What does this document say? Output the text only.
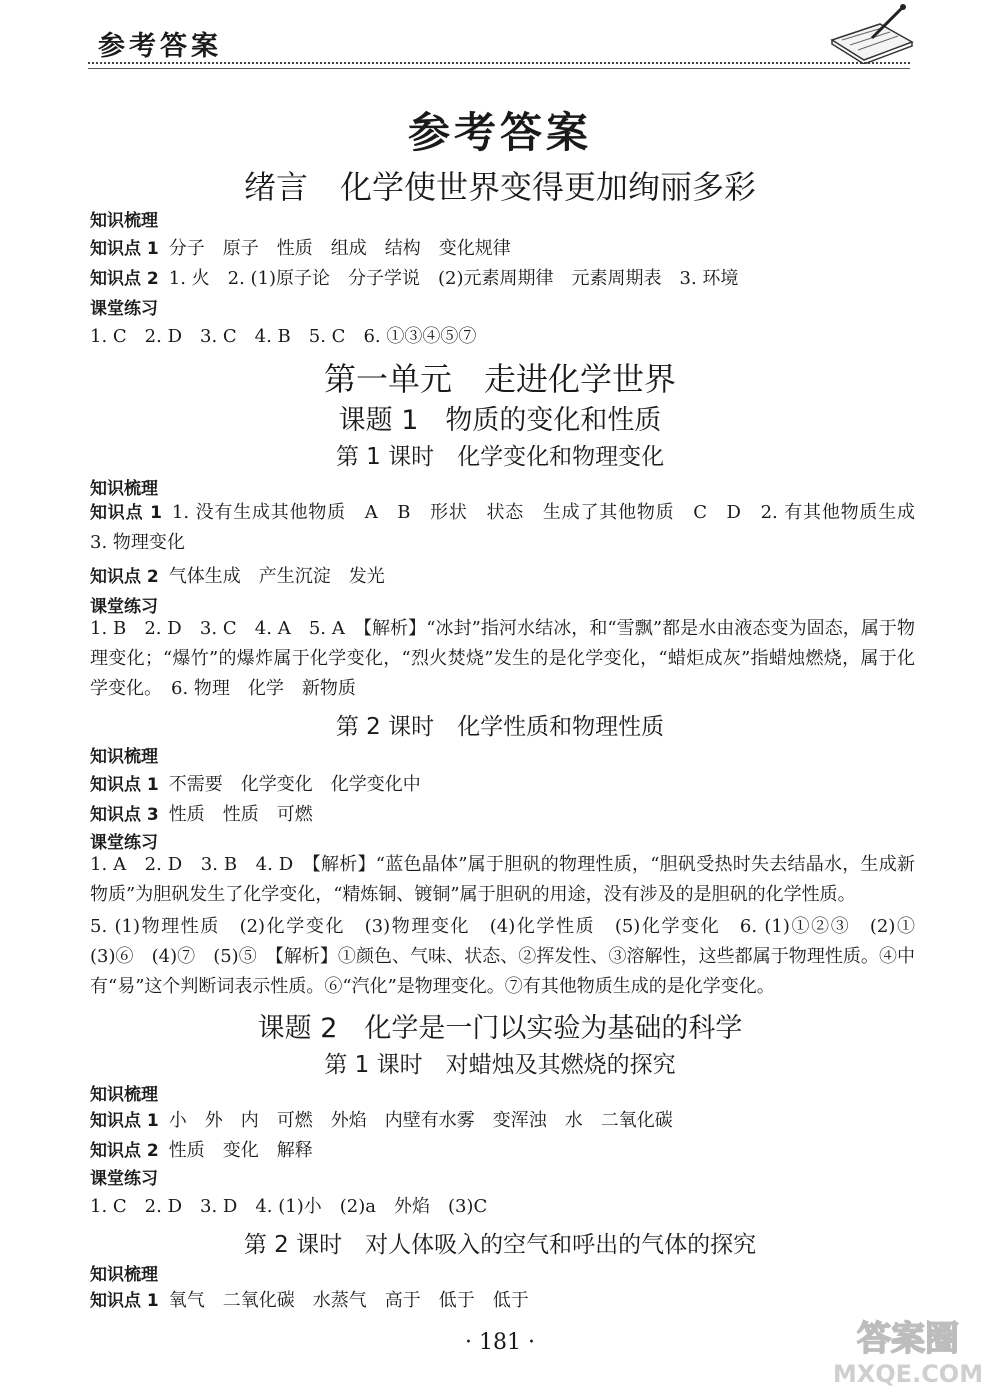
参考答案
参考答案
绪言　化学使世界变得更加绚丽多彩
知识梳理
知识点 1 分子　原子　性质　组成　结构　变化规律
知识点 2 1. 火　2. (1)原子论　分子学说　(2)元素周期律　元素周期表　3. 环境
课堂练习
1. C　2. D　3. C　4. B　5. C　6. ①③④⑤⑦
第一单元　走进化学世界
课题 1　物质的变化和性质
第 1 课时　化学变化和物理变化
知识梳理
知识点 1 1. 没有生成其他物质　A　B　形状　状态　生成了其他物质　C　D　2. 有其他物质生成　3. 物理变化
知识点 2 气体生成　产生沉淀　发光
课堂练习
1. B　2. D　3. C　4. A　5. A　【解析】“冰封”指河水结冰，和“雪飘”都是水由液态变为固态，属于物理变化；“爆竹”的爆炸属于化学变化，“烈火焚烧”发生的是化学变化，“蜡炬成灰”指蜡烛燃烧，属于化学变化。　6. 物理　化学　新物质
第 2 课时　化学性质和物理性质
知识梳理
知识点 1 不需要　化学变化　化学变化中
知识点 3 性质　性质　可燃
课堂练习
1. A　2. D　3. B　4. D　【解析】“蓝色晶体”属于胆矾的物理性质，“胆矾受热时失去结晶水，生成新物质”为胆矾发生了化学变化，“精炼铜、镀铜”属于胆矾的用途，没有涉及的是胆矾的化学性质。
5. (1)物理性质　(2)化学变化　(3)物理变化　(4)化学性质　(5)化学变化　6. (1)①②③　(2)①　(3)⑥　(4)⑦　(5)⑤　【解析】①颜色、气味、状态、②挥发性、③溶解性，这些都属于物理性质。④中有“易”这个判断词表示性质。⑥“汽化”是物理变化。⑦有其他物质生成的是化学变化。
课题 2　化学是一门以实验为基础的科学
第 1 课时　对蜡烛及其燃烧的探究
知识梳理
知识点 1 小　外　内　可燃　外焰　内壁有水雾　变浑浊　水　二氧化碳
知识点 2 性质　变化　解释
课堂练习
1. C　2. D　3. D　4. (1)小　(2)a　外焰　(3)C
第 2 课时　对人体吸入的空气和呼出的气体的探究
知识梳理
知识点 1 氧气　二氧化碳　水蒸气　高于　低于　低于
· 181 ·	答案圈
MXQE.COM
